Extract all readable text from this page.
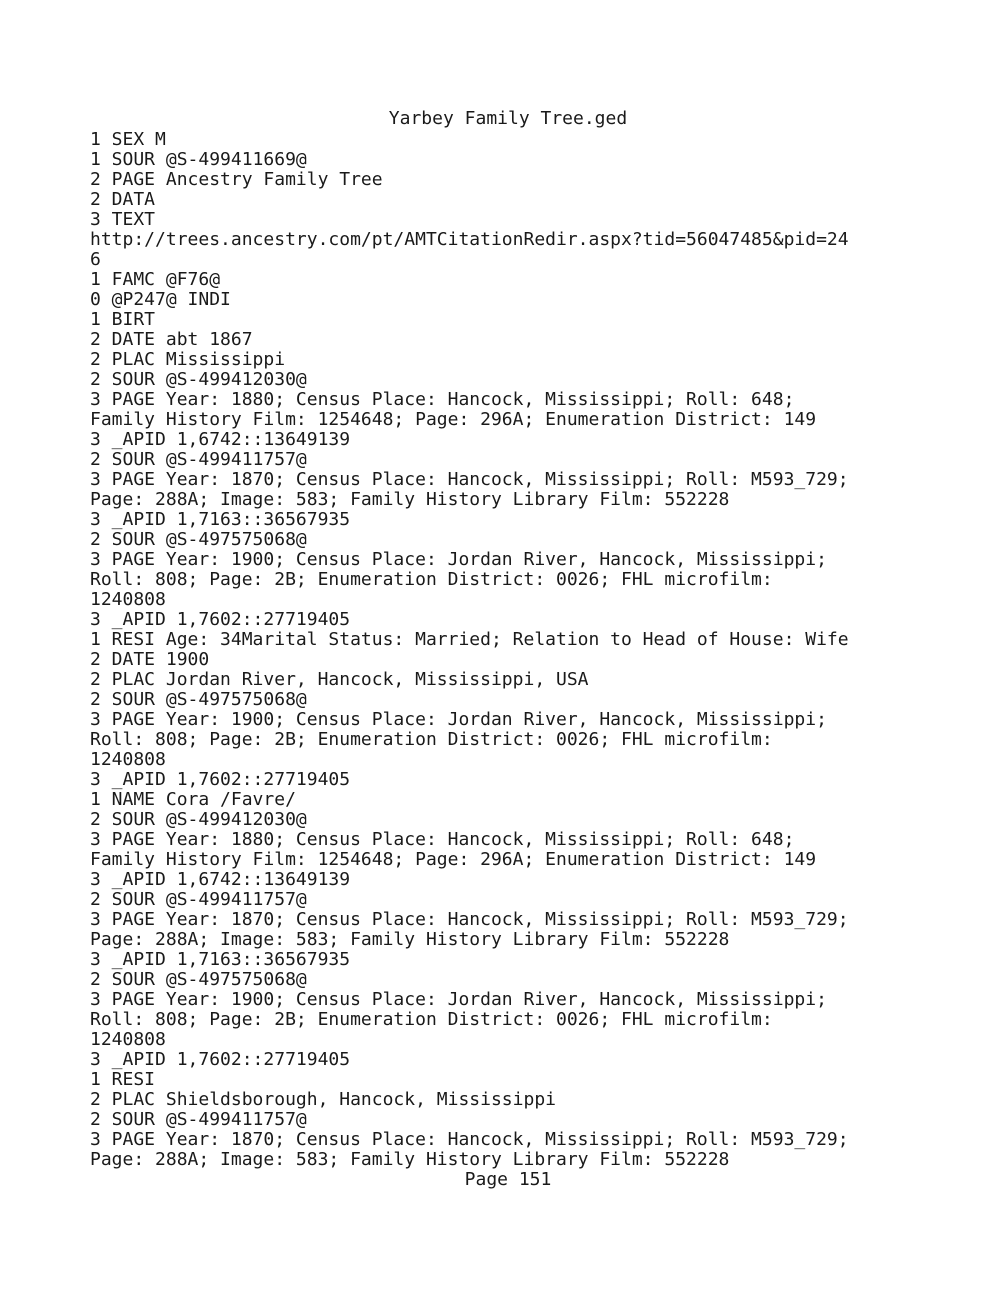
Yarbey Family Tree.ged
1 SEX M
1 SOUR @S-499411669@
2 PAGE Ancestry Family Tree
2 DATA
3 TEXT
http://trees.ancestry.com/pt/AMTCitationRedir.aspx?tid=56047485&pid=24
6
1 FAMC @F76@
0 @P247@ INDI
1 BIRT
2 DATE abt 1867
2 PLAC Mississippi
2 SOUR @S-499412030@
3 PAGE Year: 1880; Census Place: Hancock, Mississippi; Roll: 648;
Family History Film: 1254648; Page: 296A; Enumeration District: 149
3 _APID 1,6742::13649139
2 SOUR @S-499411757@
3 PAGE Year: 1870; Census Place: Hancock, Mississippi; Roll: M593_729;
Page: 288A; Image: 583; Family History Library Film: 552228
3 _APID 1,7163::36567935
2 SOUR @S-497575068@
3 PAGE Year: 1900; Census Place: Jordan River, Hancock, Mississippi;
Roll: 808; Page: 2B; Enumeration District: 0026; FHL microfilm:
1240808
3 _APID 1,7602::27719405
1 RESI Age: 34Marital Status: Married; Relation to Head of House: Wife
2 DATE 1900
2 PLAC Jordan River, Hancock, Mississippi, USA
2 SOUR @S-497575068@
3 PAGE Year: 1900; Census Place: Jordan River, Hancock, Mississippi;
Roll: 808; Page: 2B; Enumeration District: 0026; FHL microfilm:
1240808
3 _APID 1,7602::27719405
1 NAME Cora /Favre/
2 SOUR @S-499412030@
3 PAGE Year: 1880; Census Place: Hancock, Mississippi; Roll: 648;
Family History Film: 1254648; Page: 296A; Enumeration District: 149
3 _APID 1,6742::13649139
2 SOUR @S-499411757@
3 PAGE Year: 1870; Census Place: Hancock, Mississippi; Roll: M593_729;
Page: 288A; Image: 583; Family History Library Film: 552228
3 _APID 1,7163::36567935
2 SOUR @S-497575068@
3 PAGE Year: 1900; Census Place: Jordan River, Hancock, Mississippi;
Roll: 808; Page: 2B; Enumeration District: 0026; FHL microfilm:
1240808
3 _APID 1,7602::27719405
1 RESI
2 PLAC Shieldsborough, Hancock, Mississippi
2 SOUR @S-499411757@
3 PAGE Year: 1870; Census Place: Hancock, Mississippi; Roll: M593_729;
Page: 288A; Image: 583; Family History Library Film: 552228
Page 151
